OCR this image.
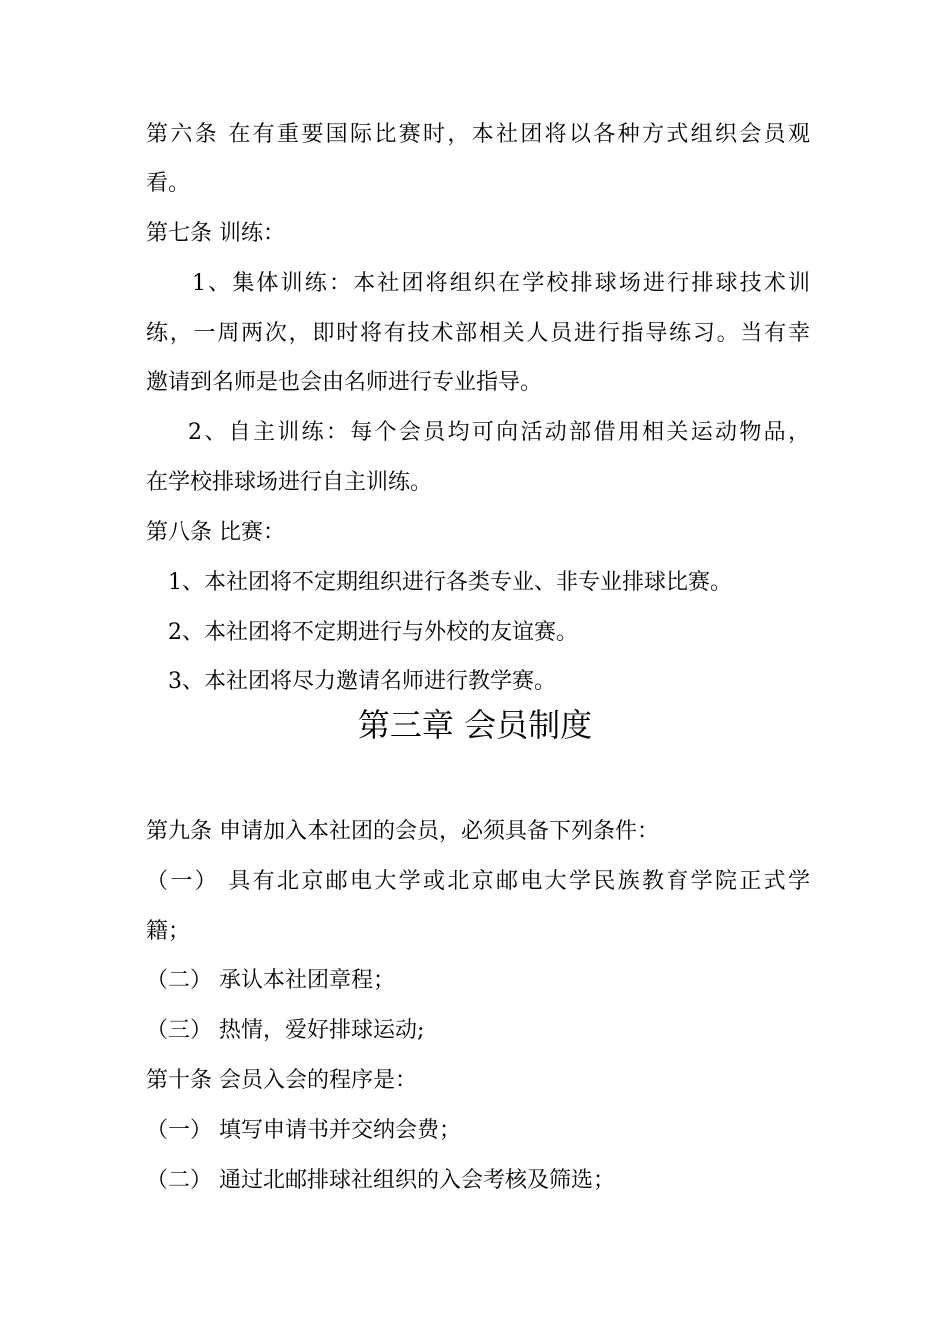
第六条 在有重要国际比赛时，本社团将以各种方式组织会员观
看。
第七条 训练：
1、集体训练：本社团将组织在学校排球场进行排球技术训
练，一周两次，即时将有技术部相关人员进行指导练习。当有幸
邀请到名师是也会由名师进行专业指导。
2、自主训练：每个会员均可向活动部借用相关运动物品，
在学校排球场进行自主训练。
第八条 比赛：
1、本社团将不定期组织进行各类专业、非专业排球比赛。
2、本社团将不定期进行与外校的友谊赛。
3、本社团将尽力邀请名师进行教学赛。
第三章 会员制度
第九条 申请加入本社团的会员，必须具备下列条件：
（一） 具有北京邮电大学或北京邮电大学民族教育学院正式学
籍；
（二） 承认本社团章程；
（三） 热情，爱好排球运动;
第十条 会员入会的程序是：
（一） 填写申请书并交纳会费；
（二） 通过北邮排球社组织的入会考核及筛选；
